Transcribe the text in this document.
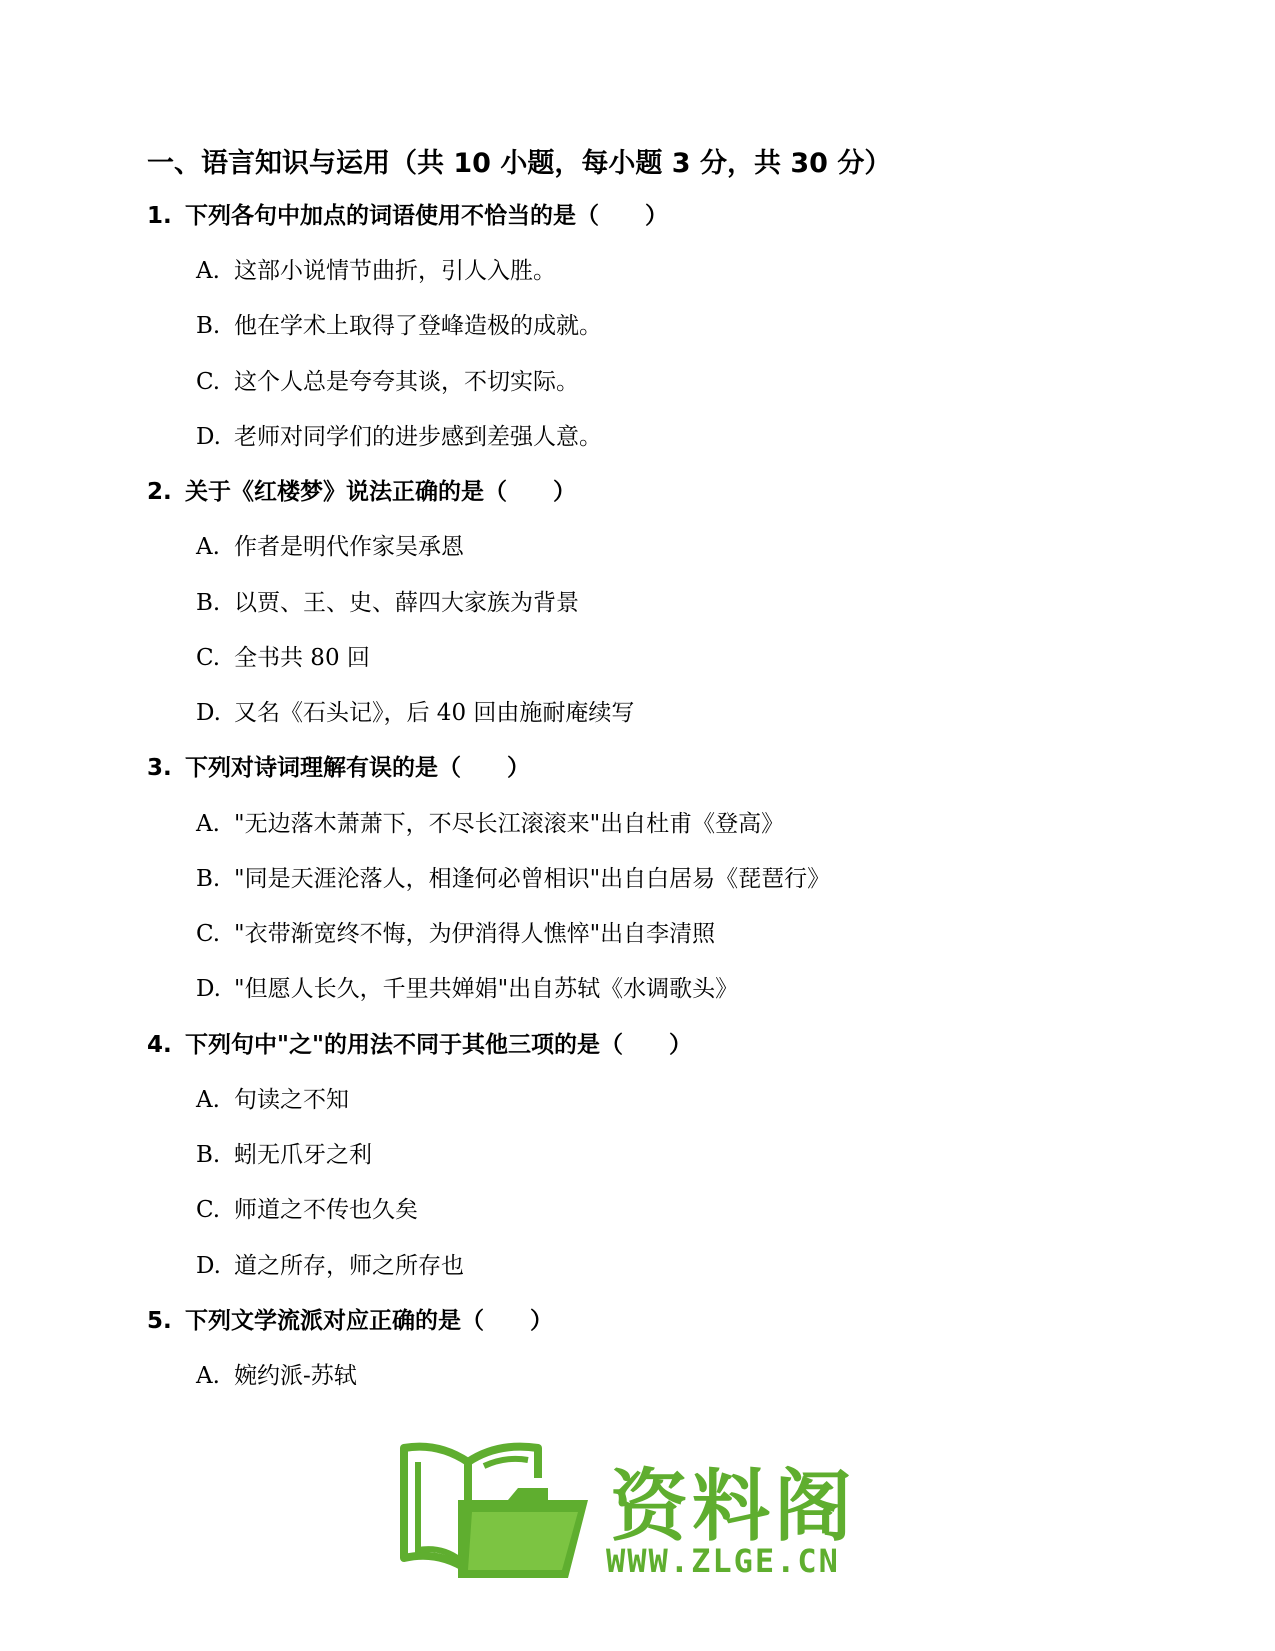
一、语言知识与运用（共 10 小题，每小题 3 分，共 30 分）

1. 下列各句中加点的词语使用不恰当的是（　　）

A. 这部小说情节曲折，引人入胜。

B. 他在学术上取得了登峰造极的成就。

C. 这个人总是夸夸其谈，不切实际。

D. 老师对同学们的进步感到差强人意。

2. 关于《红楼梦》说法正确的是（　　）

A. 作者是明代作家吴承恩

B. 以贾、王、史、薛四大家族为背景

C. 全书共 80 回

D. 又名《石头记》，后 40 回由施耐庵续写

3. 下列对诗词理解有误的是（　　）

A. "无边落木萧萧下，不尽长江滚滚来"出自杜甫《登高》

B. "同是天涯沦落人，相逢何必曾相识"出自白居易《琵琶行》

C. "衣带渐宽终不悔，为伊消得人憔悴"出自李清照

D. "但愿人长久，千里共婵娟"出自苏轼《水调歌头》

4. 下列句中"之"的用法不同于其他三项的是（　　）

A. 句读之不知

B. 蚓无爪牙之利

C. 师道之不传也久矣

D. 道之所存，师之所存也

5. 下列文学流派对应正确的是（　　）

A. 婉约派-苏轼

资料阁

WWW.ZLGE.CN
